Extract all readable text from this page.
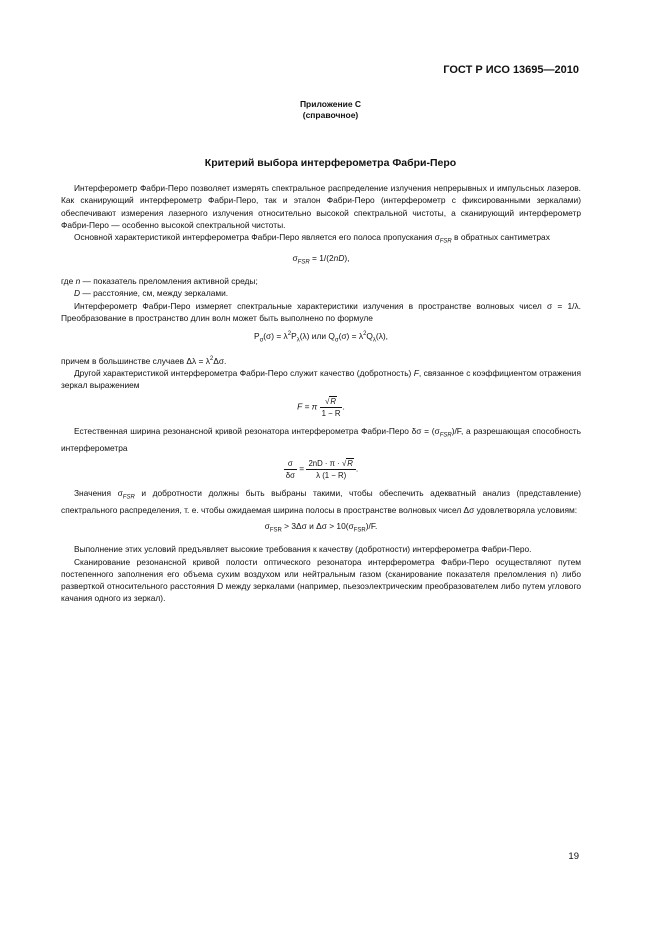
ГОСТ Р ИСО 13695—2010
Приложение С
(справочное)
Критерий выбора интерферометра Фабри-Перо

Интерферометр Фабри-Перо позволяет измерять спектральное распределение излучения непрерывных и импульсных лазеров. Как сканирующий интерферометр Фабри-Перо, так и эталон Фабри-Перо (интерферометр с фиксированными зеркалами) обеспечивают измерения лазерного излучения относительно высокой спектральной чистоты, а сканирующий интерферометр Фабри-Перо — особенно высокой спектральной чистоты.

Основной характеристикой интерферометра Фабри-Перо является его полоса пропускания $\sigma_{FSR}$ в обратных сантиметрах

$\sigma_{FSR} = 1/(2nD)$,

где n — показатель преломления активной среды;

D — расстояние, см, между зеркалами.

Интерферометр Фабри-Перо измеряет спектральные характеристики излучения в пространстве волновых чисел σ = 1/λ. Преобразование в пространство длин волн может быть выполнено по формуле

$P_\sigma(\sigma) = \lambda^2P_\lambda(\lambda)$ или $Q_\sigma(\sigma) = \lambda^2Q_\lambda(\lambda)$,

причем в большинстве случаев $\Delta\lambda = \lambda^2\Delta\sigma$.

Другой характеристикой интерферометра Фабри-Перо служит качество (добротность) F, связанное с коэффициентом отражения зеркал выражением

F = π $\frac{√R}{1 - R}$ .

Естественная ширина резонансной кривой резонатора интерферометра Фабри-Перо $\delta\sigma = (\sigma_{FSR})/F$, а разрешающая способность интерферометра

$\frac{\sigma}{\delta\sigma} = \frac{2nD \cdot \pi \cdot √R}{\lambda (1 - R)}$ .

Значения $\sigma_{FSR}$ и добротности должны быть выбраны такими, чтобы обеспечить адекватный анализ (представление) спектрального распределения, т. е. чтобы ожидаемая ширина полосы в пространстве волновых чисел Δσ удовлетворяла условиям:

$\sigma_{FSR} > 3\Delta\sigma$ и $\Delta\sigma > 10(\sigma_{FSR})/F$.

Выполнение этих условий предъявляет высокие требования к качеству (добротности) интерферометра Фабри-Перо.

Сканирование резонансной кривой полости оптического резонатора интерферометра Фабри-Перо осуществляют путем постепенного заполнения его объема сухим воздухом или нейтральным газом (сканирование показателя преломления n) либо разверткой относительного расстояния D между зеркалами (например, пьезоэлектрическим преобразователем либо путем углового качания одного из зеркал).

19
